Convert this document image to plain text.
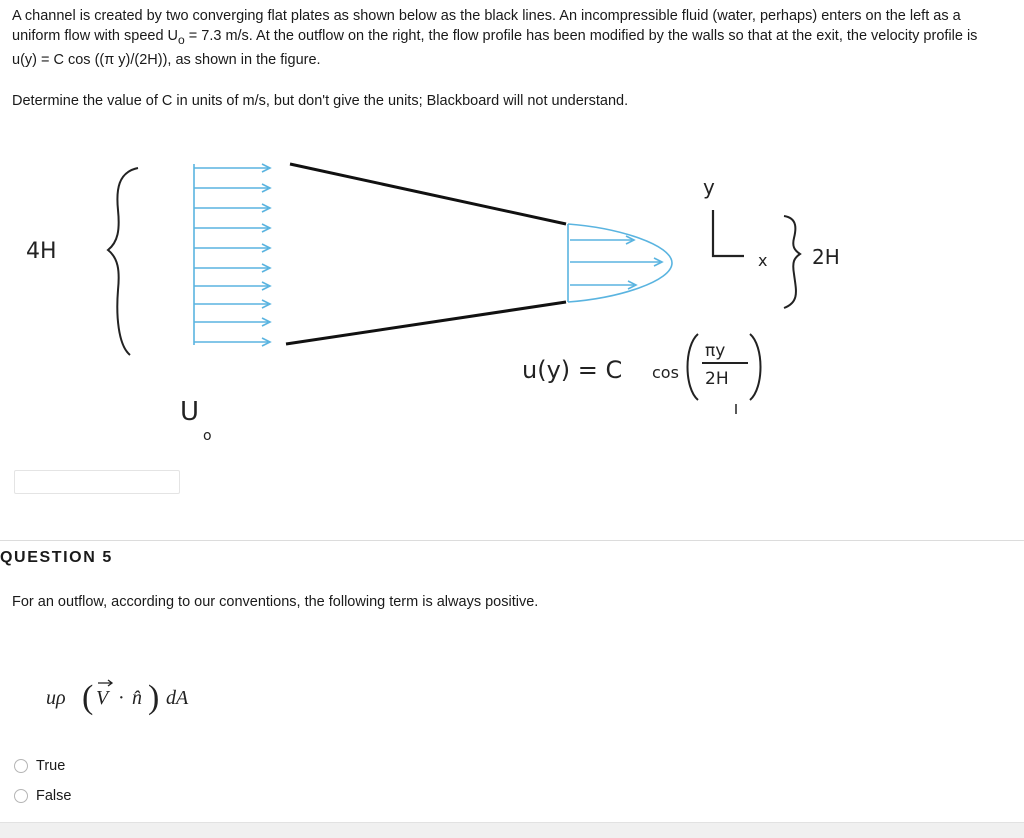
A channel is created by two converging flat plates as shown below as the black lines. An incompressible fluid (water, perhaps) enters on the left as a uniform flow with speed $U_o = 7.3$ m/s. At the outflow on the right, the flow profile has been modified by the walls so that at the exit, the velocity profile is u(y) = C cos ((π y)/(2H)), as shown in the figure.

Determine the value of C in units of m/s, but don't give the units; Blackboard will not understand.
4H
y
x 2H
u(y) = C cos
πy
2H
U
o
QUESTION 5
For an outflow, according to our conventions, the following term is always positive.
uρ ( V · n̂ ) dA
True
False
